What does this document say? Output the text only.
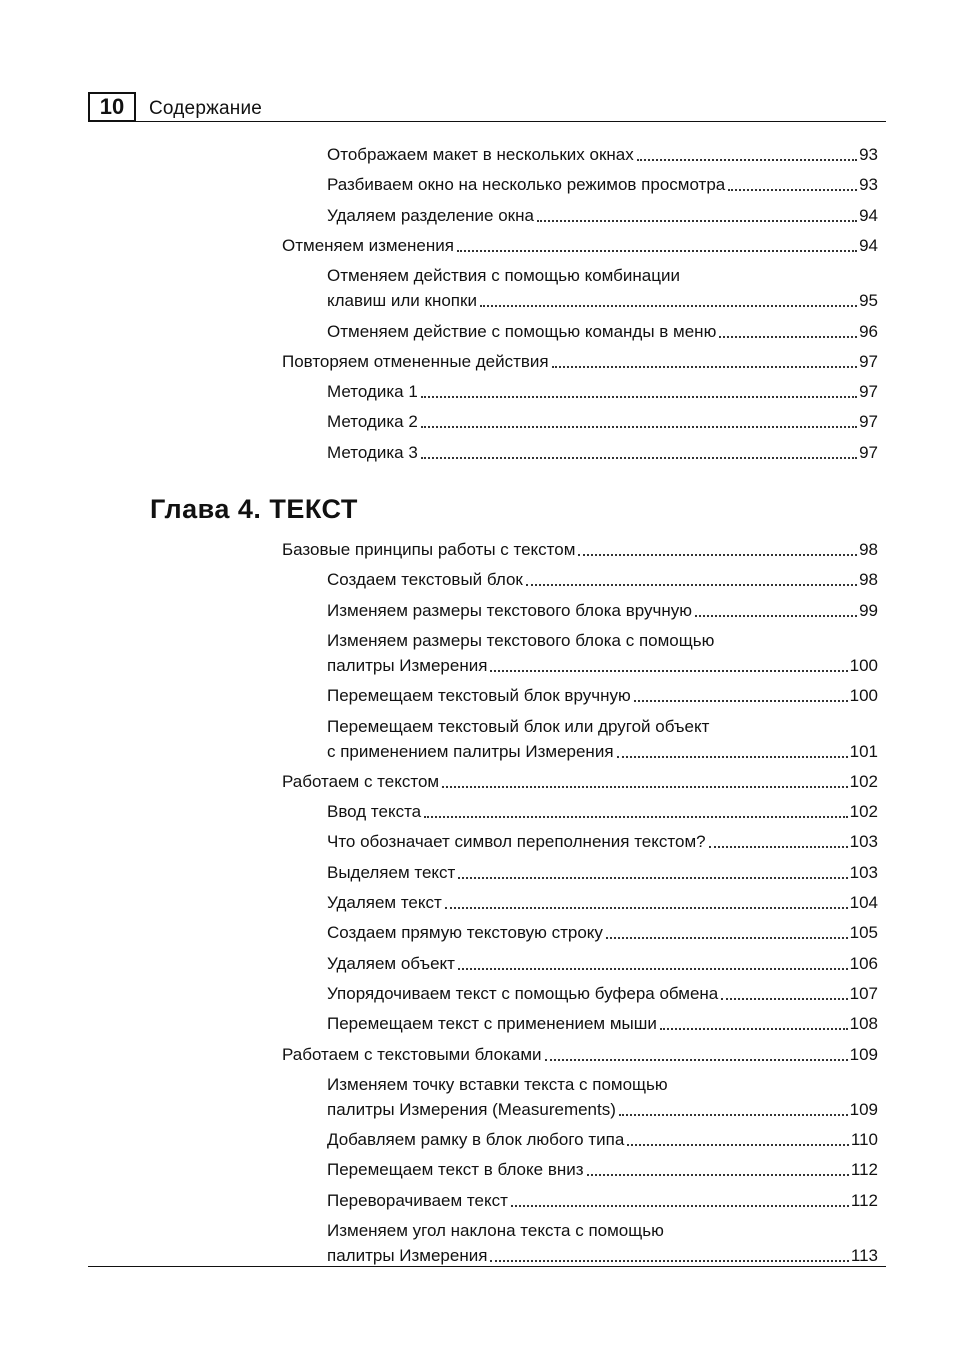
10	Содержание
Отображаем макет в нескольких окнах	93
Разбиваем окно на несколько режимов просмотра	93
Удаляем разделение окна	94
Отменяем изменения	94
Отменяем действия с помощью комбинации
клавиш или кнопки	95
Отменяем действие с помощью команды в меню	96
Повторяем отмененные действия	97
Методика 1	97
Методика 2	97
Методика 3	97
Глава 4. ТЕКСТ
Базовые принципы работы с текстом	98
Создаем текстовый блок	98
Изменяем размеры текстового блока вручную	99
Изменяем размеры текстового блока с помощью
палитры Измерения	100
Перемещаем текстовый блок вручную	100
Перемещаем текстовый блок или другой объект
с применением палитры Измерения	101
Работаем с текстом	102
Ввод текста	102
Что обозначает символ переполнения текстом?	103
Выделяем текст	103
Удаляем текст	104
Создаем прямую текстовую строку	105
Удаляем объект	106
Упорядочиваем текст с помощью буфера обмена	107
Перемещаем текст с применением мыши	108
Работаем с текстовыми блоками	109
Изменяем точку вставки текста с помощью
палитры Измерения (Measurements)	109
Добавляем рамку в блок любого типа	110
Перемещаем текст в блоке вниз	112
Переворачиваем текст	112
Изменяем угол наклона текста с помощью
палитры Измерения	113
